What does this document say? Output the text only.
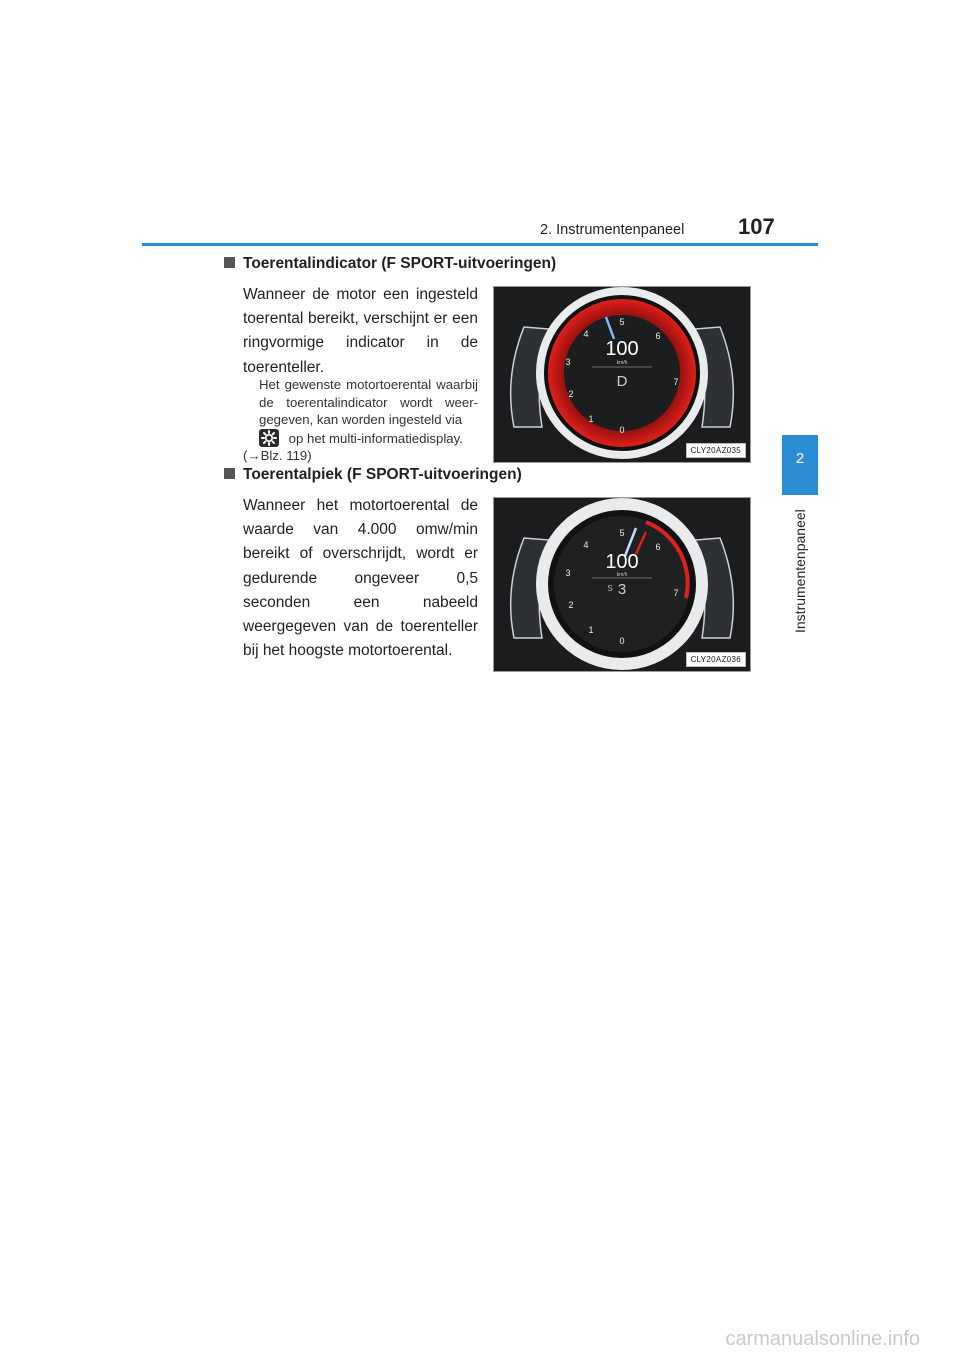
2. Instrumentenpaneel 107
2
Instrumentenpaneel
Toerentalindicator (F SPORT-uitvoeringen)
Wanneer de motor een ingesteld toerental bereikt, verschijnt er een ringvormige indicator in de toerenteller.
Het gewenste motortoerental waarbij de toerentalindicator wordt weergegeven, kan worden ingesteld via
op het multi-informatiedisplay.
(→Blz. 119)
100
km/h
D
0
1
2
3
4
5
6
7
CLY20AZ035
Toerentalpiek (F SPORT-uitvoeringen)
Wanneer het motortoerental de waarde van 4.000 omw/min bereikt of overschrijdt, wordt er gedurende ongeveer 0,5 seconden een nabeeld weergegeven van de toerenteller bij het hoogste motortoerental.
100
km/h
S 3
0
1
2
3
4
5
6
7
CLY20AZ036
carmanualsonline.info
